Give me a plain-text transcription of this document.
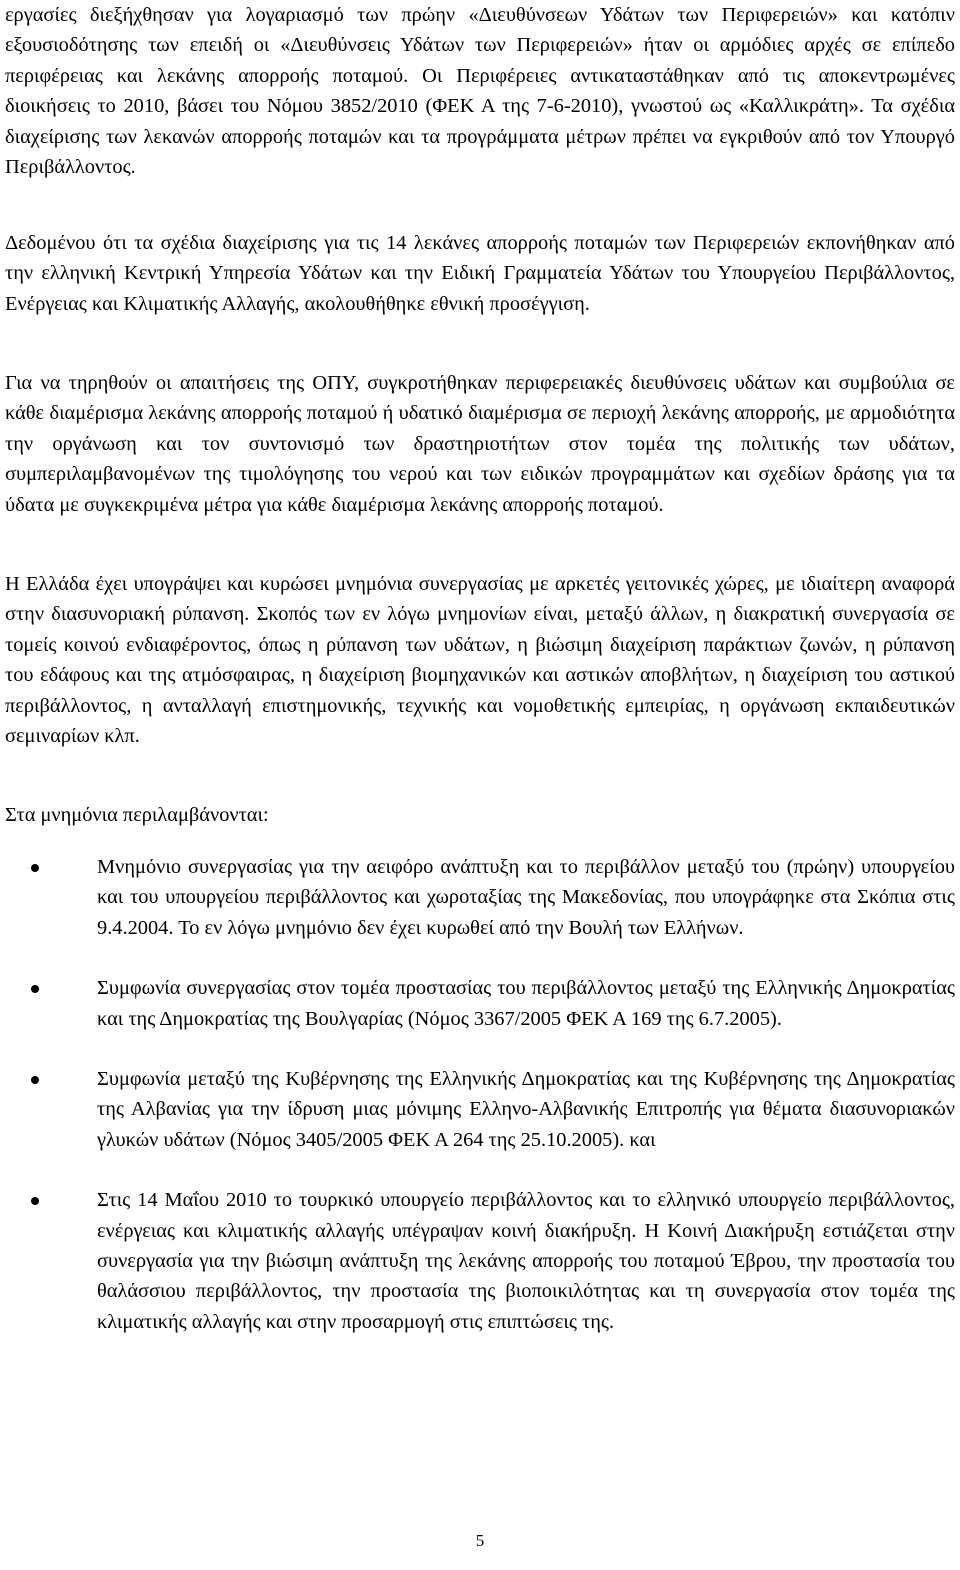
εργασίες διεξήχθησαν για λογαριασμό των πρώην «Διευθύνσεων Υδάτων των Περιφερειών» και κατόπιν εξουσιοδότησης των επειδή οι «Διευθύνσεις Υδάτων των Περιφερειών» ήταν οι αρμόδιες αρχές σε επίπεδο περιφέρειας και λεκάνης απορροής ποταμού. Οι Περιφέρειες αντικαταστάθηκαν από τις αποκεντρωμένες διοικήσεις το 2010, βάσει του Νόμου 3852/2010 (ΦΕΚ Α της 7-6-2010), γνωστού ως «Καλλικράτη». Τα σχέδια διαχείρισης των λεκανών απορροής ποταμών και τα προγράμματα μέτρων πρέπει να εγκριθούν από τον Υπουργό Περιβάλλοντος.

Δεδομένου ότι τα σχέδια διαχείρισης για τις 14 λεκάνες απορροής ποταμών των Περιφερειών εκπονήθηκαν από την ελληνική Κεντρική Υπηρεσία Υδάτων και την Ειδική Γραμματεία Υδάτων του Υπουργείου Περιβάλλοντος, Ενέργειας και Κλιματικής Αλλαγής, ακολουθήθηκε εθνική προσέγγιση.

Για να τηρηθούν οι απαιτήσεις της ΟΠΥ, συγκροτήθηκαν περιφερειακές διευθύνσεις υδάτων και συμβούλια σε κάθε διαμέρισμα λεκάνης απορροής ποταμού ή υδατικό διαμέρισμα σε περιοχή λεκάνης απορροής, με αρμοδιότητα την οργάνωση και τον συντονισμό των δραστηριοτήτων στον τομέα της πολιτικής των υδάτων, συμπεριλαμβανομένων της τιμολόγησης του νερού και των ειδικών προγραμμάτων και σχεδίων δράσης για τα ύδατα με συγκεκριμένα μέτρα για κάθε διαμέρισμα λεκάνης απορροής ποταμού.

Η Ελλάδα έχει υπογράψει και κυρώσει μνημόνια συνεργασίας με αρκετές γειτονικές χώρες, με ιδιαίτερη αναφορά στην διασυνοριακή ρύπανση. Σκοπός των εν λόγω μνημονίων είναι, μεταξύ άλλων, η διακρατική συνεργασία σε τομείς κοινού ενδιαφέροντος, όπως η ρύπανση των υδάτων, η βιώσιμη διαχείριση παράκτιων ζωνών, η ρύπανση του εδάφους και της ατμόσφαιρας, η διαχείριση βιομηχανικών και αστικών αποβλήτων, η διαχείριση του αστικού περιβάλλοντος, η ανταλλαγή επιστημονικής, τεχνικής και νομοθετικής εμπειρίας, η οργάνωση εκπαιδευτικών σεμιναρίων κλπ.

Στα μνημόνια περιλαμβάνονται:

Μνημόνιο συνεργασίας για την αειφόρο ανάπτυξη και το περιβάλλον μεταξύ του (πρώην) υπουργείου και του υπουργείου περιβάλλοντος και χωροταξίας της Μακεδονίας, που υπογράφηκε στα Σκόπια στις 9.4.2004. Το εν λόγω μνημόνιο δεν έχει κυρωθεί από την Βουλή των Ελλήνων.
Συμφωνία συνεργασίας στον τομέα προστασίας του περιβάλλοντος μεταξύ της Ελληνικής Δημοκρατίας και της Δημοκρατίας της Βουλγαρίας (Νόμος 3367/2005 ΦΕΚ Α 169 της 6.7.2005).
Συμφωνία μεταξύ της Κυβέρνησης της Ελληνικής Δημοκρατίας και της Κυβέρνησης της Δημοκρατίας της Αλβανίας για την ίδρυση μιας μόνιμης Ελληνο-Αλβανικής Επιτροπής για θέματα διασυνοριακών γλυκών υδάτων (Νόμος 3405/2005 ΦΕΚ Α 264 της 25.10.2005). και
Στις 14 Μαΐου 2010 το τουρκικό υπουργείο περιβάλλοντος και το ελληνικό υπουργείο περιβάλλοντος, ενέργειας και κλιματικής αλλαγής υπέγραψαν κοινή διακήρυξη. Η Κοινή Διακήρυξη εστιάζεται στην συνεργασία για την βιώσιμη ανάπτυξη της λεκάνης απορροής του ποταμού Έβρου, την προστασία του θαλάσσιου περιβάλλοντος, την προστασία της βιοποικιλότητας και τη συνεργασία στον τομέα της κλιματικής αλλαγής και στην προσαρμογή στις επιπτώσεις της.
5
